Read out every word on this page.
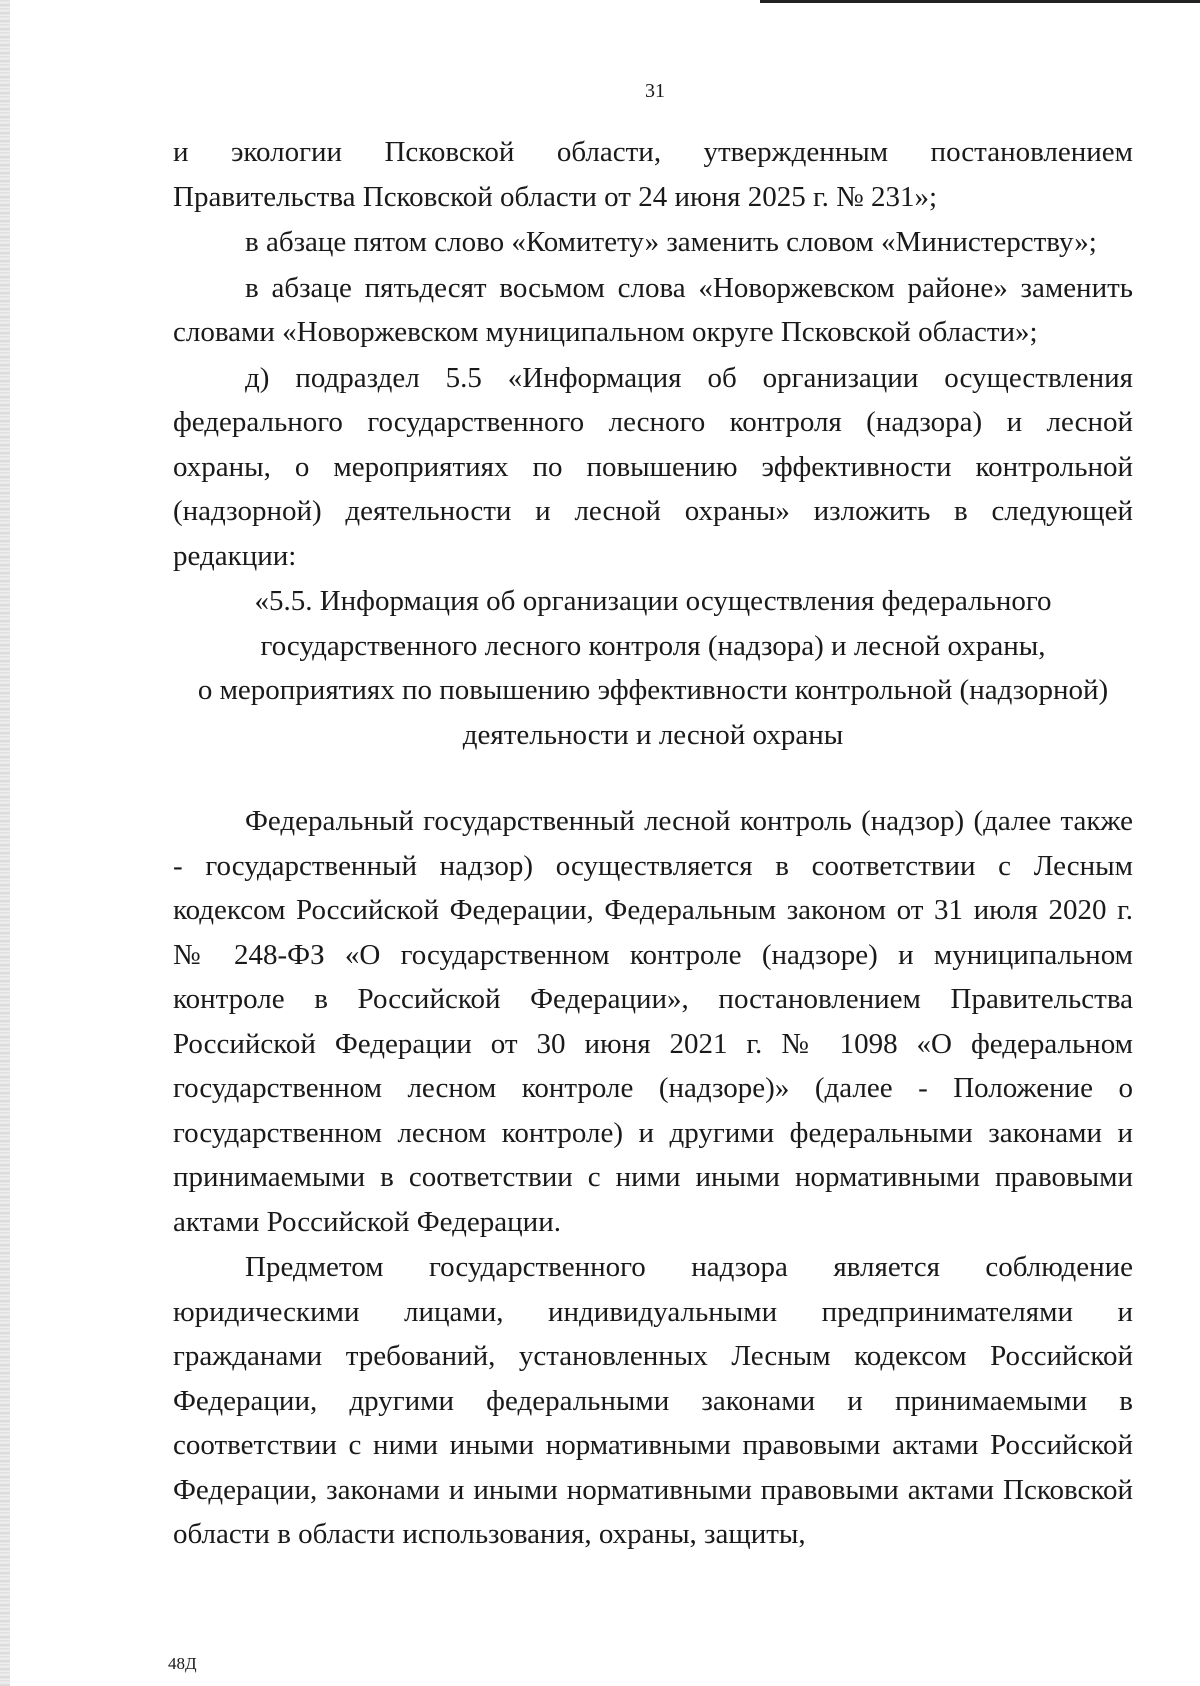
31

и экологии Псковской области, утвержденным постановлением Правительства Псковской области от 24 июня 2025 г. № 231»;

в абзаце пятом слово «Комитету» заменить словом «Министерству»;

в абзаце пятьдесят восьмом слова «Новоржевском районе» заменить словами «Новоржевском муниципальном округе Псковской области»;

д) подраздел 5.5 «Информация об организации осуществления федерального государственного лесного контроля (надзора) и лесной охраны, о мероприятиях по повышению эффективности контрольной (надзорной) деятельности и лесной охраны» изложить в следующей редакции:

«5.5. Информация об организации осуществления федерального

государственного лесного контроля (надзора) и лесной охраны,

о мероприятиях по повышению эффективности контрольной (надзорной)

деятельности и лесной охраны

Федеральный государственный лесной контроль (надзор) (далее также - государственный надзор) осуществляется в соответствии с Лесным кодексом Российской Федерации, Федеральным законом от 31 июля 2020 г. № 248-ФЗ «О государственном контроле (надзоре) и муниципальном контроле в Российской Федерации», постановлением Правительства Российской Федерации от 30 июня 2021 г. № 1098 «О федеральном государственном лесном контроле (надзоре)» (далее - Положение о государственном лесном контроле) и другими федеральными законами и принимаемыми в соответствии с ними иными нормативными правовыми актами Российской Федерации.

Предметом государственного надзора является соблюдение юридическими лицами, индивидуальными предпринимателями и гражданами требований, установленных Лесным кодексом Российской Федерации, другими федеральными законами и принимаемыми в соответствии с ними иными нормативными правовыми актами Российской Федерации, законами и иными нормативными правовыми актами Псковской области в области использования, охраны, защиты,

48Д
